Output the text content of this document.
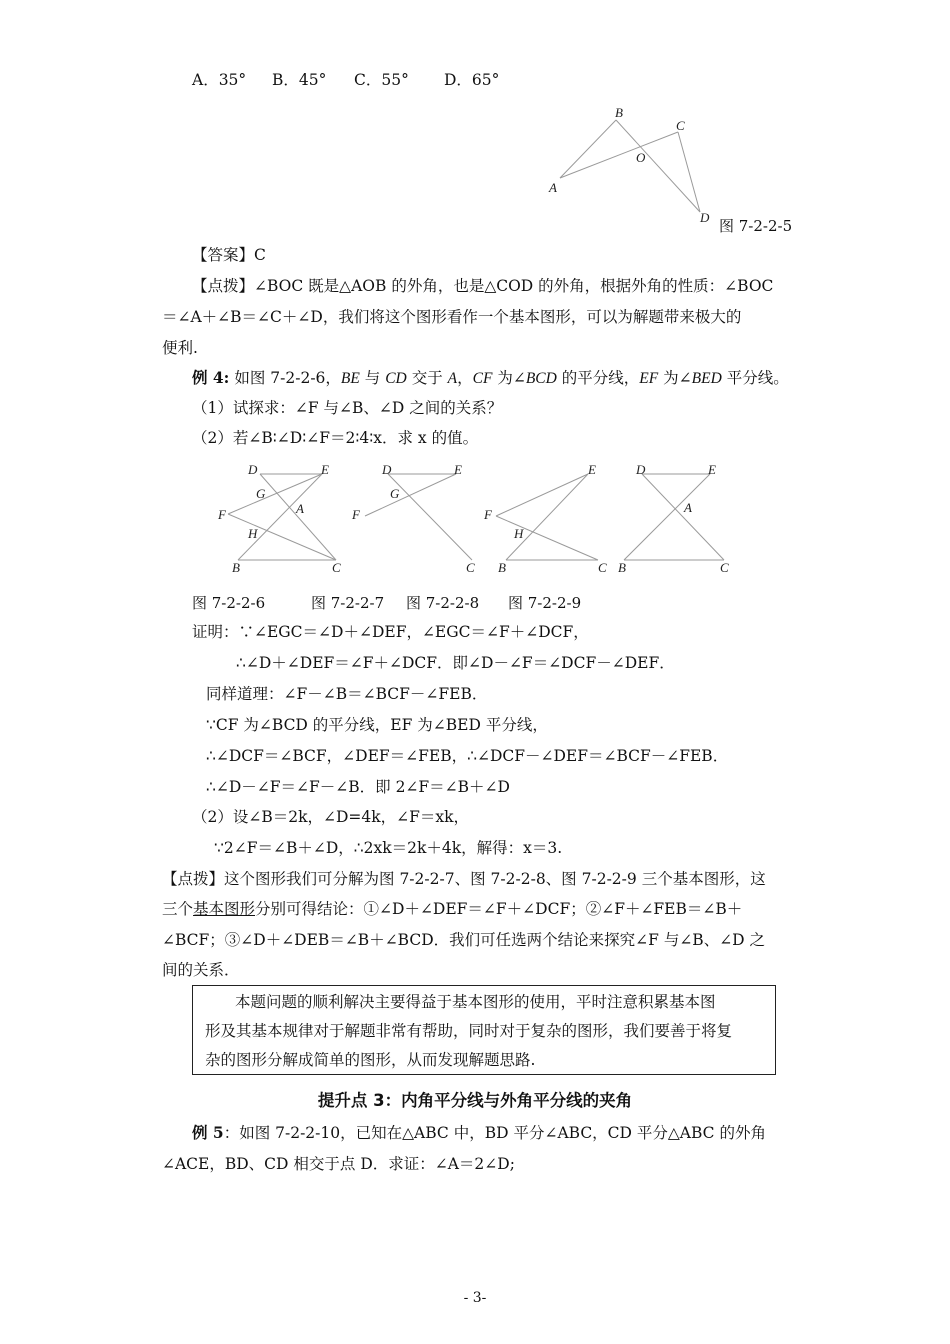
A．35° B．45° C．55° D．65°
A
B
C
O
D 图 7-2-2-5
【答案】C
【点拨】∠BOC 既是△AOB 的外角，也是△COD 的外角，根据外角的性质：∠BOC
＝∠A＋∠B＝∠C＋∠D，我们将这个图形看作一个基本图形，可以为解题带来极大的
便利.
例 4: 如图 7-2-2-6，BE 与 CD 交于 A，CF 为∠BCD 的平分线，EF 为∠BED 平分线。
（1）试探求：∠F 与∠B、∠D 之间的关系？
（2）若∠B∶∠D∶∠F＝2∶4∶x．求 x 的值。
D	E
G
A
F
H
B	C
D	E
G
F
C
E
F
H
B	C
D	E
A
B	C
图 7-2-2-6	图 7-2-2-7 图 7-2-2-8 图 7-2-2-9
证明：∵∠EGC＝∠D＋∠DEF，∠EGC＝∠F＋∠DCF，
∴∠D＋∠DEF＝∠F＋∠DCF．即∠D－∠F＝∠DCF－∠DEF．
同样道理：∠F－∠B＝∠BCF－∠FEB．
∵CF 为∠BCD 的平分线，EF 为∠BED 平分线，
∴∠DCF＝∠BCF，∠DEF＝∠FEB，∴∠DCF－∠DEF＝∠BCF－∠FEB．
∴∠D－∠F＝∠F－∠B．即 2∠F＝∠B＋∠D
（2）设∠B＝2k，∠D=4k，∠F＝xk，
∵2∠F＝∠B＋∠D，∴2xk＝2k＋4k，解得：x＝3.
【点拨】这个图形我们可分解为图 7-2-2-7、图 7-2-2-8、图 7-2-2-9 三个基本图形，这
三个基本图形分别可得结论：①∠D＋∠DEF＝∠F＋∠DCF；②∠F＋∠FEB＝∠B＋
∠BCF；③∠D＋∠DEB＝∠B＋∠BCD．我们可任选两个结论来探究∠F 与∠B、∠D 之
间的关系．
本题问题的顺利解决主要得益于基本图形的使用，平时注意积累基本图
形及其基本规律对于解题非常有帮助，同时对于复杂的图形，我们要善于将复
杂的图形分解成简单的图形，从而发现解题思路.
提升点 3：内角平分线与外角平分线的夹角
例 5：如图 7-2-2-10，已知在△ABC 中，BD 平分∠ABC，CD 平分△ABC 的外角
∠ACE，BD、CD 相交于点 D．求证：∠A＝2∠D;
- 3-
